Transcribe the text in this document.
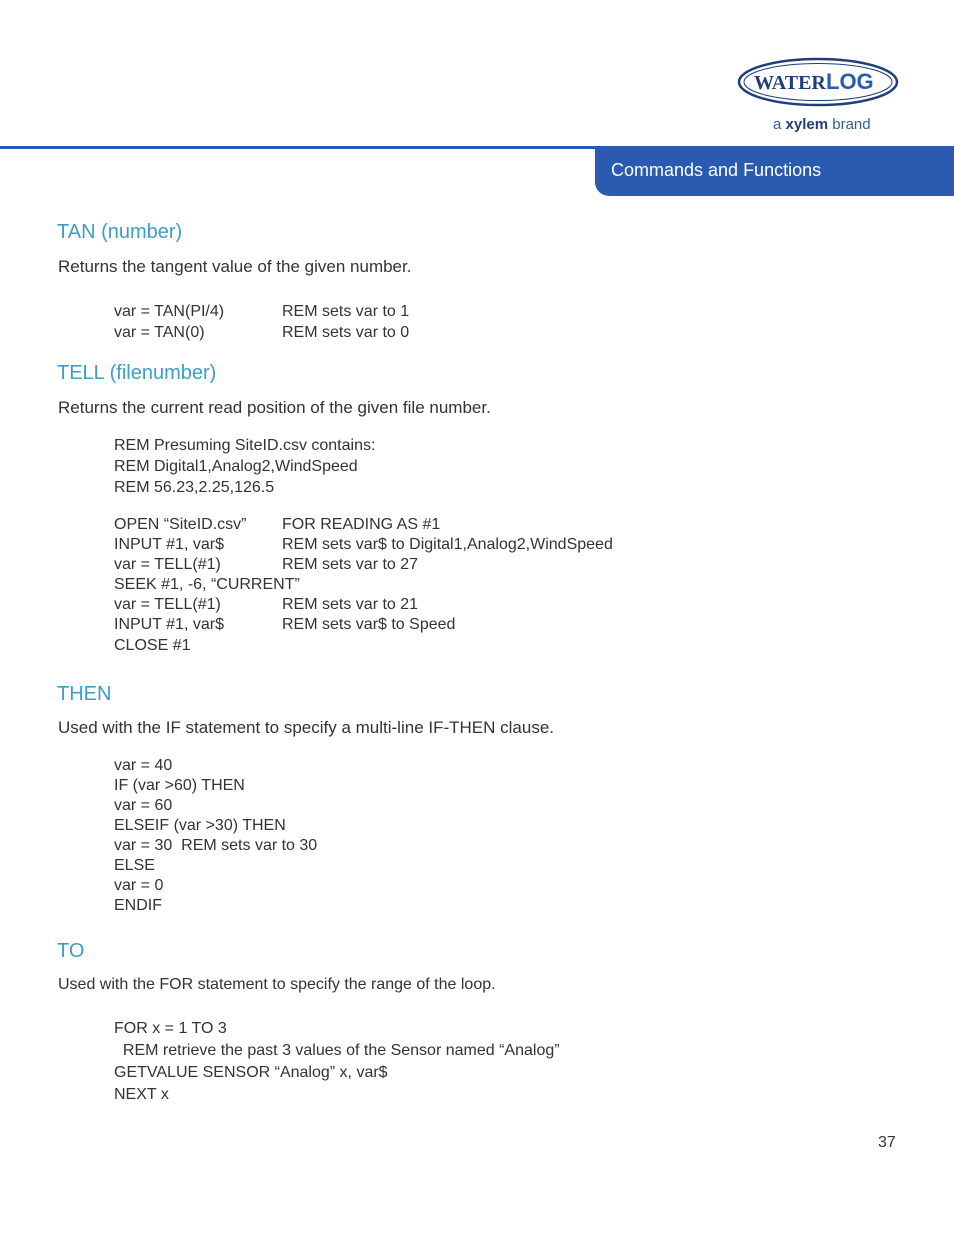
WATER LOG
a xylem brand
Commands and Functions
TAN (number)
Returns the tangent value of the given number.
var = TAN(PI/4)	REM sets var to 1
var = TAN(0)	REM sets var to 0
TELL (filenumber)
Returns the current read position of the given file number.
REM Presuming SiteID.csv contains:
REM Digital1,Analog2,WindSpeed
REM 56.23,2.25,126.5
OPEN “SiteID.csv”	FOR READING AS #1
INPUT #1, var$	REM sets var$ to Digital1,Analog2,WindSpeed
var = TELL(#1)	REM sets var to 27
SEEK #1, -6, “CURRENT”
var = TELL(#1)	REM sets var to 21
INPUT #1, var$	REM sets var$ to Speed
CLOSE #1
THEN
Used with the IF statement to specify a multi-line IF-THEN clause.
var = 40
IF (var >60) THEN
var = 60
ELSEIF (var >30) THEN
var = 30  REM sets var to 30
ELSE
var = 0
ENDIF
TO
Used with the FOR statement to specify the range of the loop.
FOR x = 1 TO 3
REM retrieve the past 3 values of the Sensor named “Analog”
GETVALUE SENSOR “Analog” x, var$
NEXT x
37
